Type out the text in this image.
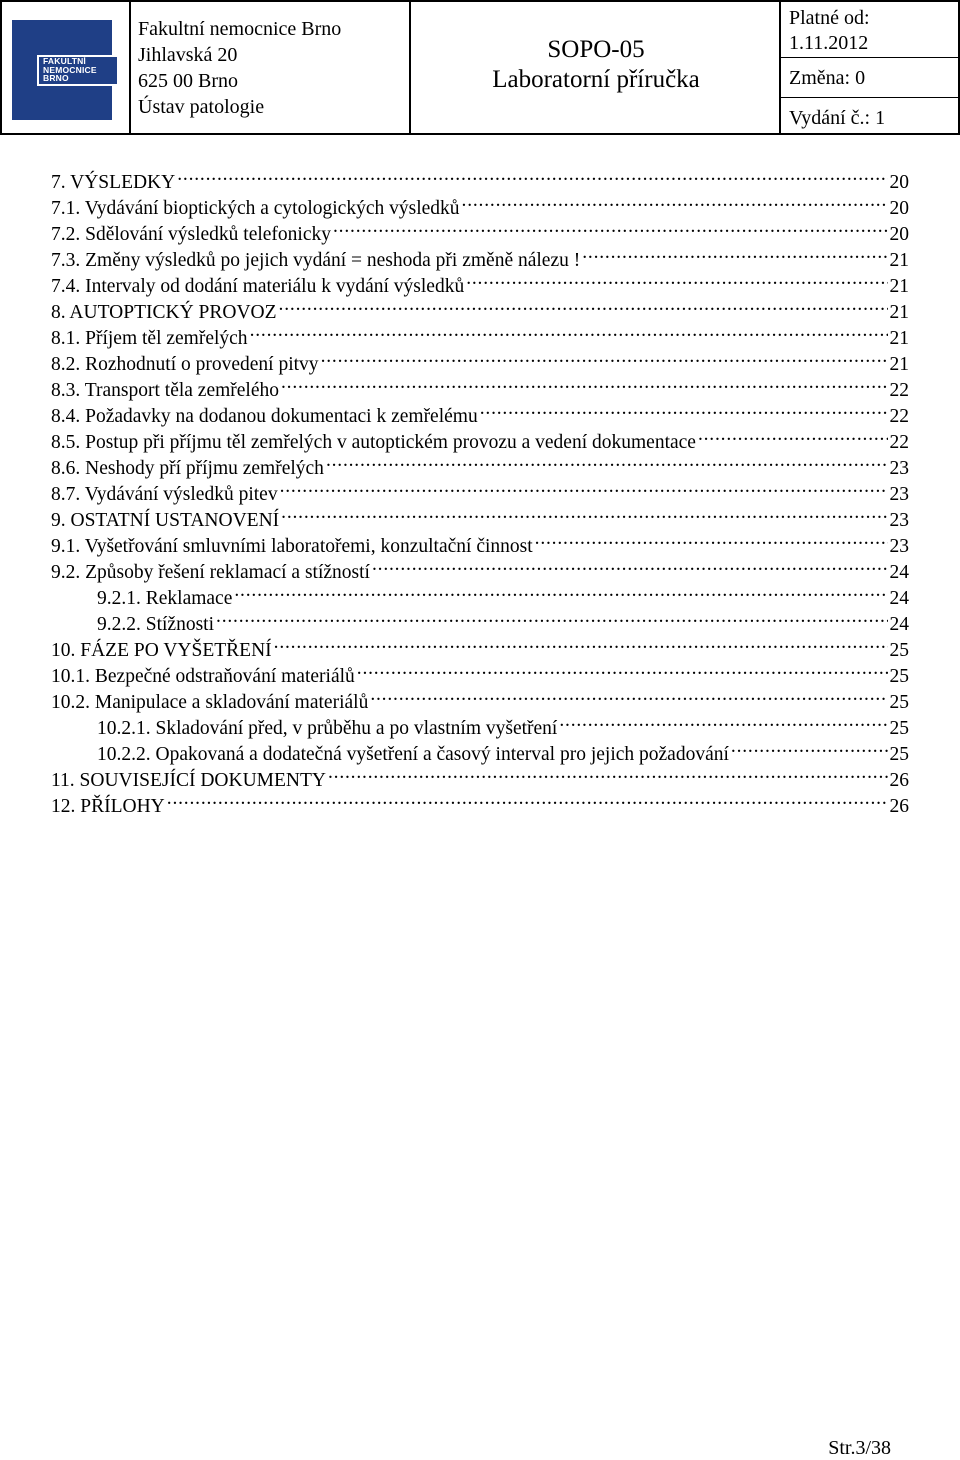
FAKULTNÍ
NEMOCNICE
BRNO
Fakultní nemocnice Brno
Jihlavská 20
625 00 Brno
Ústav patologie
SOPO-05
Laboratorní příručka
Platné od:
1.11.2012
Změna: 0
Vydání č.: 1
7. VÝSLEDKY .....	20
7.1. Vydávání bioptických a cytologických výsledků .....	20
7.2. Sdělování výsledků telefonicky .....	20
7.3. Změny výsledků po jejich vydání = neshoda při změně nálezu ! .....	21
7.4. Intervaly od dodání materiálu k vydání výsledků .....	21
8. AUTOPTICKÝ PROVOZ .....	21
8.1. Příjem těl zemřelých .....	21
8.2. Rozhodnutí o provedení pitvy .....	21
8.3. Transport těla zemřelého .....	22
8.4. Požadavky na dodanou dokumentaci k zemřelému .....	22
8.5. Postup při příjmu těl zemřelých v autoptickém provozu a vedení dokumentace .....	22
8.6. Neshody pří příjmu zemřelých .....	23
8.7. Vydávání výsledků pitev .....	23
9. OSTATNÍ USTANOVENÍ .....	23
9.1. Vyšetřování smluvními laboratořemi, konzultační činnost .....	23
9.2. Způsoby řešení reklamací a stížností .....	24
9.2.1. Reklamace .....	24
9.2.2. Stížnosti .....	24
10. FÁZE PO VYŠETŘENÍ .....	25
10.1. Bezpečné odstraňování materiálů .....	25
10.2. Manipulace a skladování materiálů .....	25
10.2.1. Skladování před, v průběhu a po vlastním vyšetření .....	25
10.2.2. Opakovaná a dodatečná vyšetření a časový interval pro jejich požadování .....	25
11. SOUVISEJÍCÍ DOKUMENTY .....	26
12. PŘÍLOHY .....	26
Str.3/38
